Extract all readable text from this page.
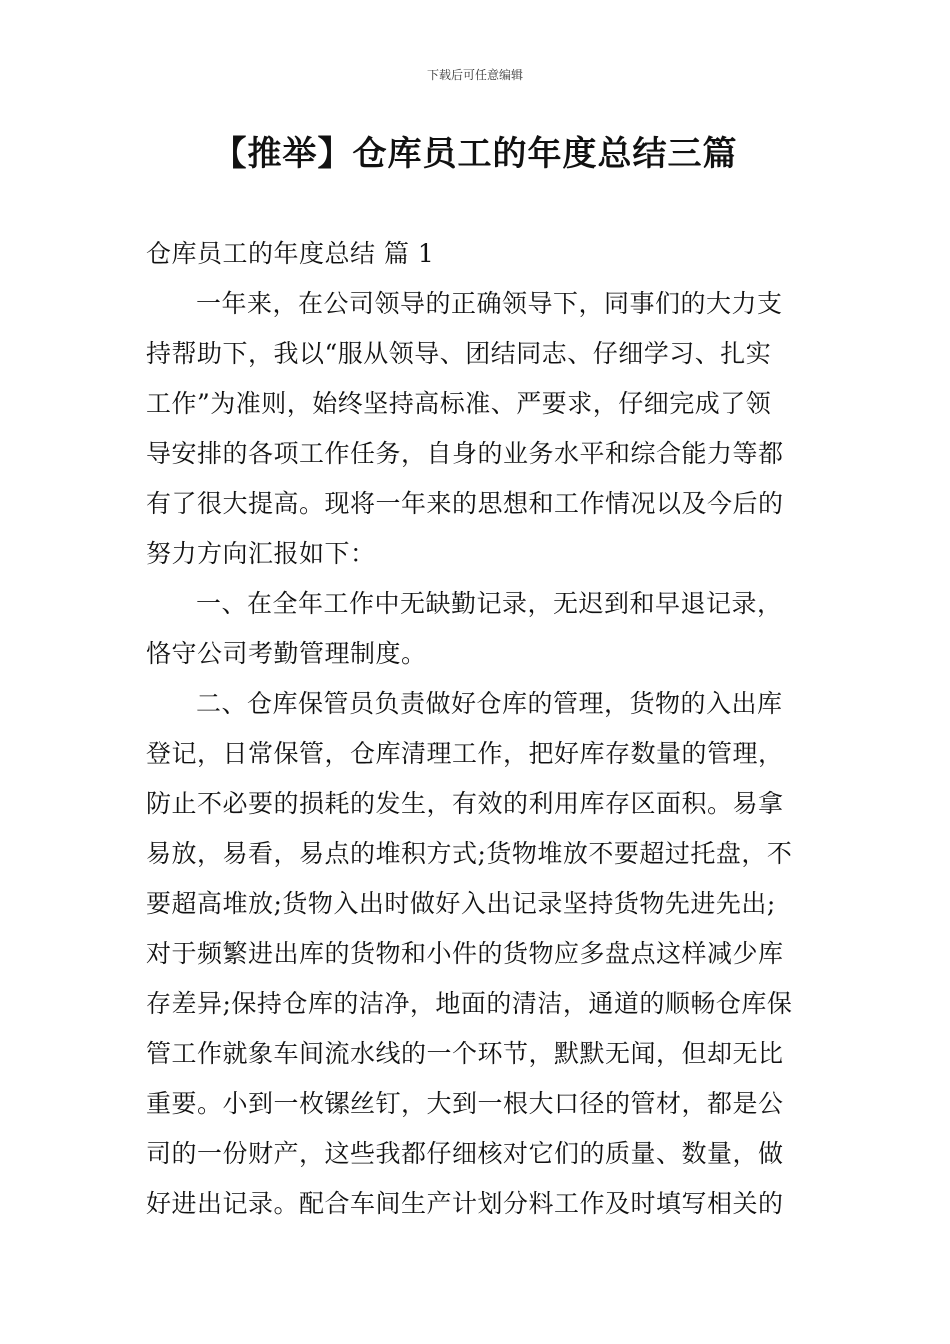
下载后可任意编辑
【推举】仓库员工的年度总结三篇

仓库员工的年度总结 篇 1

一年来，在公司领导的正确领导下，同事们的大力支
持帮助下，我以“服从领导、团结同志、仔细学习、扎实
工作”为准则，始终坚持高标准、严要求，仔细完成了领
导安排的各项工作任务，自身的业务水平和综合能力等都
有了很大提高。现将一年来的思想和工作情况以及今后的
努力方向汇报如下：

一、在全年工作中无缺勤记录，无迟到和早退记录，
恪守公司考勤管理制度。

二、仓库保管员负责做好仓库的管理，货物的入出库
登记，日常保管，仓库清理工作，把好库存数量的管理，
防止不必要的损耗的发生，有效的利用库存区面积。易拿
易放，易看，易点的堆积方式;货物堆放不要超过托盘，不
要超高堆放;货物入出时做好入出记录坚持货物先进先出;
对于频繁进出库的货物和小件的货物应多盘点这样减少库
存差异;保持仓库的洁净，地面的清洁，通道的顺畅仓库保
管工作就象车间流水线的一个环节，默默无闻，但却无比
重要。小到一枚镙丝钉，大到一根大口径的管材，都是公
司的一份财产，这些我都仔细核对它们的质量、数量，做
好进出记录。配合车间生产计划分料工作及时填写相关的
